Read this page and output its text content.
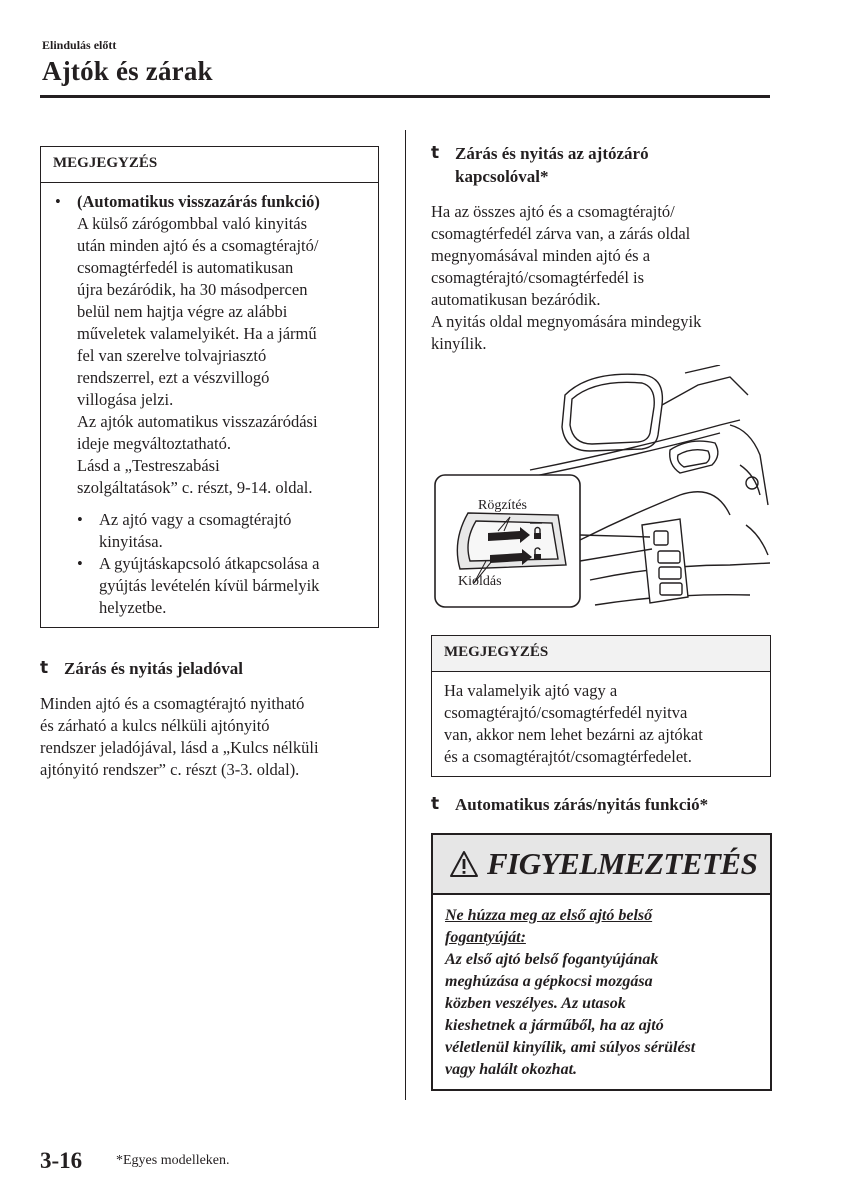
Elindulás előtt
Ajtók és zárak
MEGJEGYZÉS
• (Automatikus visszazárás funkció)
A külső zárógombbal való kinyitás
után minden ajtó és a csomagtérajtó/
csomagtérfedél is automatikusan
újra bezáródik, ha 30 másodpercen
belül nem hajtja végre az alábbi
műveletek valamelyikét. Ha a jármű
fel van szerelve tolvajriasztó
rendszerrel, ezt a vészvillogó
villogása jelzi.
Az ajtók automatikus visszazáródási
ideje megváltoztatható.
Lásd a „Testreszabási
szolgáltatások” c. részt, 9-14. oldal.
• Az ajtó vagy a csomagtérajtó
kinyitása.
• A gyújtáskapcsoló átkapcsolása a
gyújtás levételén kívül bármelyik
helyzetbe.
t Zárás és nyitás jeladóval
Minden ajtó és a csomagtérajtó nyitható
és zárható a kulcs nélküli ajtónyitó
rendszer jeladójával, lásd a „Kulcs nélküli
ajtónyitó rendszer” c. részt (3-3. oldal).
t Zárás és nyitás az ajtózáró
kapcsolóval*
Ha az összes ajtó és a csomagtérajtó/
csomagtérfedél zárva van, a zárás oldal
megnyomásával minden ajtó és a
csomagtérajtó/csomagtérfedél is
automatikusan bezáródik.
A nyitás oldal megnyomására mindegyik
kinyílik.
Rögzítés
Kioldás
MEGJEGYZÉS
Ha valamelyik ajtó vagy a
csomagtérajtó/csomagtérfedél nyitva
van, akkor nem lehet bezárni az ajtókat
és a csomagtérajtót/csomagtérfedelet.
t Automatikus zárás/nyitás funkció*
FIGYELMEZTETÉS
Ne húzza meg az első ajtó belső
fogantyúját:
Az első ajtó belső fogantyújának
meghúzása a gépkocsi mozgása
közben veszélyes. Az utasok
kieshetnek a járműből, ha az ajtó
véletlenül kinyílik, ami súlyos sérülést
vagy halált okozhat.
3-16 *Egyes modelleken.
